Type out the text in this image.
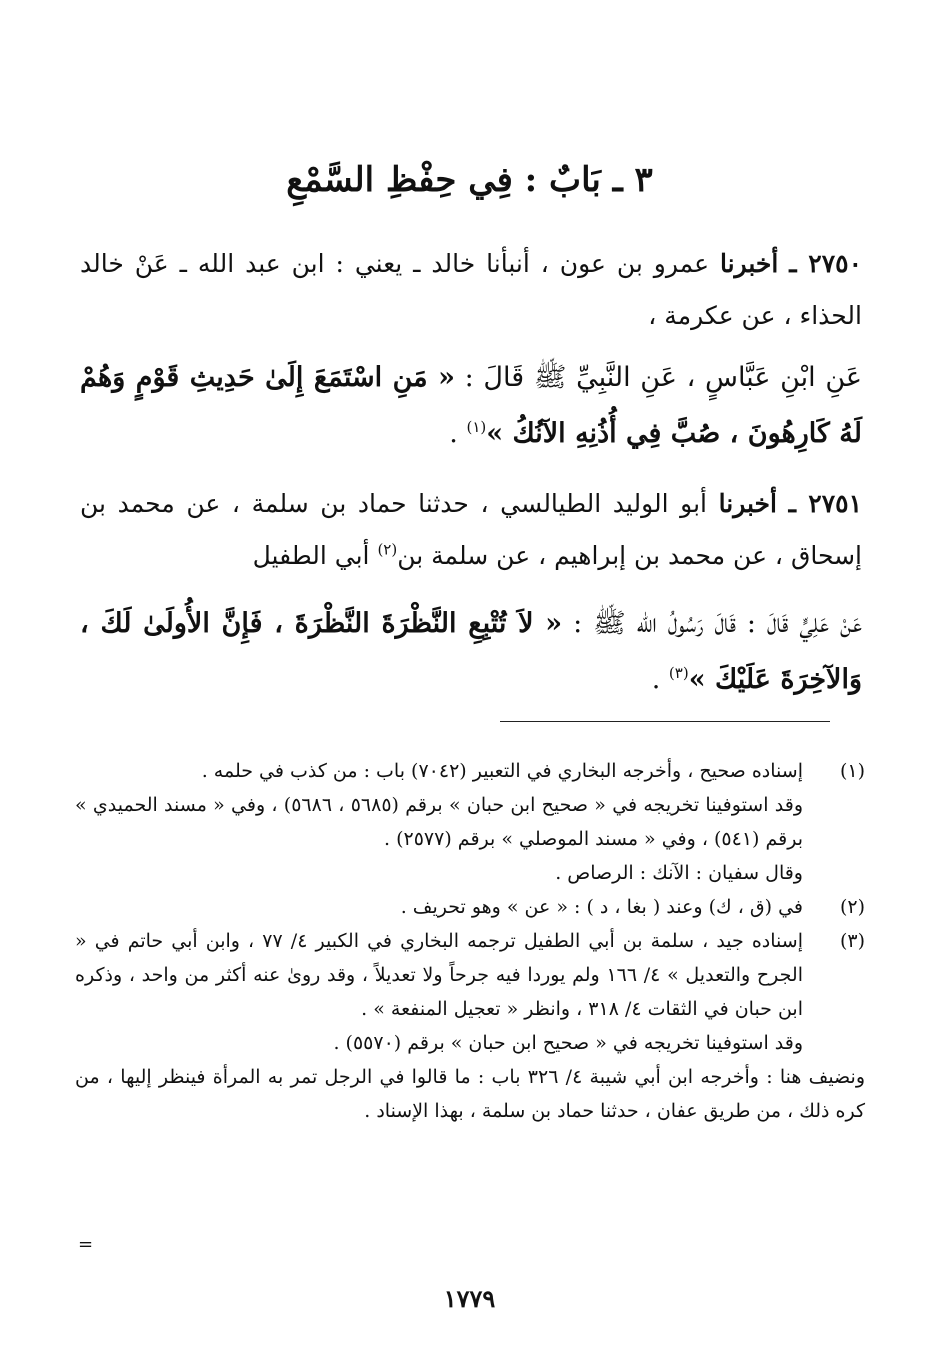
٣ ـ بَابٌ : فِي حِفْظِ السَّمْعِ

٢٧٥٠ ـ أخبرنا عمرو بن عون ، أنبأنا خالد ـ يعني : ابن عبد الله ـ عَنْ خالد الحذاء ، عن عكرمة ،

عَنِ ابْنِ عَبَّاسٍ ، عَنِ النَّبِيِّ ﷺ قَالَ : « مَنِ اسْتَمَعَ إِلَىٰ حَدِيثِ قَوْمٍ وَهُمْ لَهُ كَارِهُونَ ، صُبَّ فِي أُذُنِهِ الآنُكُ »$^{(١)}$ .

٢٧٥١ ـ أخبرنا أبو الوليد الطيالسي ، حدثنا حماد بن سلمة ، عن محمد بن إسحاق ، عن محمد بن إبراهيم ، عن سلمة بن$^{(٢)}$ أبي الطفيل

عَنْ عَلِيٍّ قَالَ : قَالَ رَسُولُ الله ﷺ : « لاَ تُتْبِعِ النَّظْرَةَ النَّظْرَةَ ، فَإِنَّ الأُولَىٰ لَكَ ، وَالآخِرَةَ عَلَيْكَ »$^{(٣)}$ .

(١)

إسناده صحيح ، وأخرجه البخاري في التعبير (٧٠٤٢) باب : من كذب في حلمه .

وقد استوفينا تخريجه في « صحيح ابن حبان » برقم (٥٦٨٥ ، ٥٦٨٦) ، وفي « مسند الحميدي » برقم (٥٤١) ، وفي « مسند الموصلي » برقم (٢٥٧٧) .

وقال سفيان : الآنك : الرصاص .

(٢)

في (ق ، ك) وعند ( بغا ، د ) : « عن » وهو تحريف .

(٣)

إسناده جيد ، سلمة بن أبي الطفيل ترجمه البخاري في الكبير ٤/ ٧٧ ، وابن أبي حاتم في « الجرح والتعديل » ٤/ ١٦٦ ولم يوردا فيه جرحاً ولا تعديلاً ، وقد روىٰ عنه أكثر من واحد ، وذكره ابن حبان في الثقات ٤/ ٣١٨ ، وانظر « تعجيل المنفعة » .

وقد استوفينا تخريجه في « صحيح ابن حبان » برقم (٥٥٧٠) .

ونضيف هنا : وأخرجه ابن أبي شيبة ٤/ ٣٢٦ باب : ما قالوا في الرجل تمر به المرأة فينظر إليها ، من كره ذلك ، من طريق عفان ، حدثنا حماد بن سلمة ، بهذا الإسناد .

=
١٧٧٩
